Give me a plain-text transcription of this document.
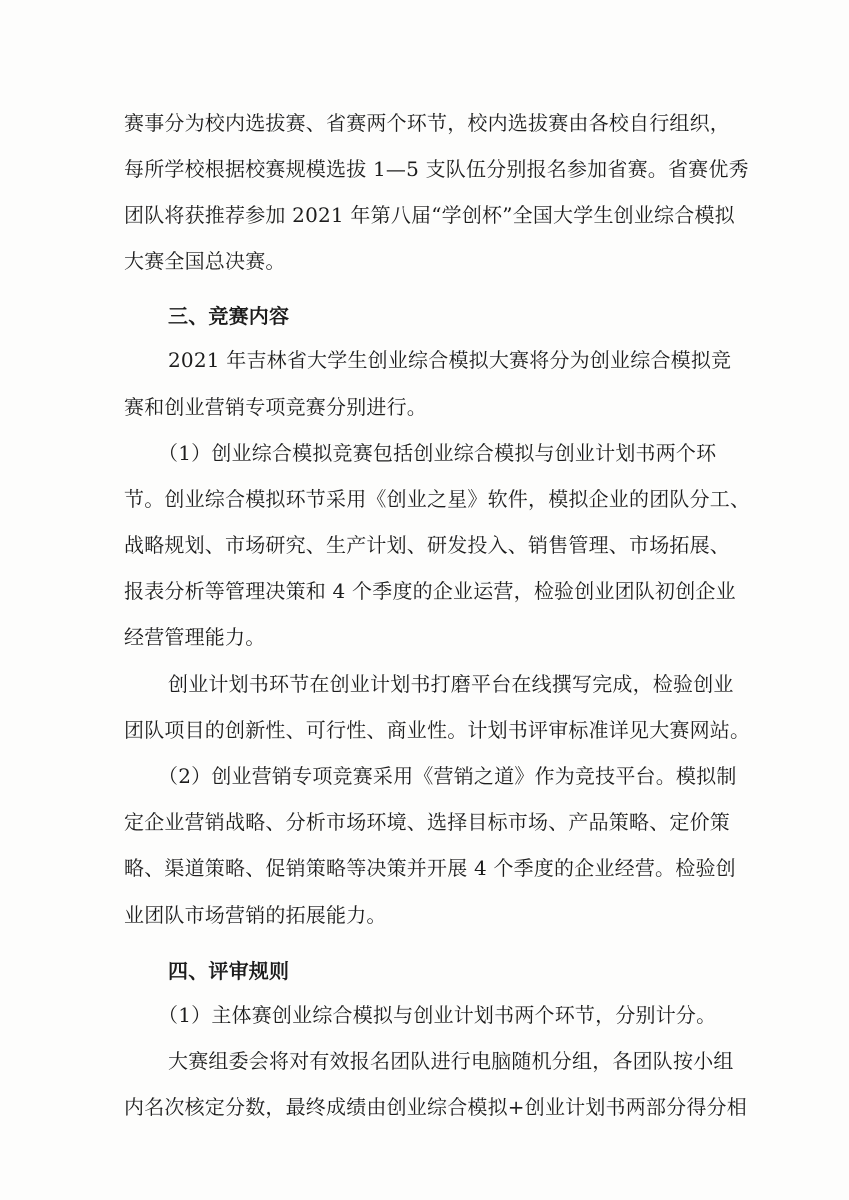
赛事分为校内选拔赛、省赛两个环节，校内选拔赛由各校自行组织，
每所学校根据校赛规模选拔 1—5 支队伍分别报名参加省赛。省赛优秀
团队将获推荐参加 2021 年第八届“学创杯”全国大学生创业综合模拟
大赛全国总决赛。
三、竞赛内容
2021 年吉林省大学生创业综合模拟大赛将分为创业综合模拟竞
赛和创业营销专项竞赛分别进行。
（1）创业综合模拟竞赛包括创业综合模拟与创业计划书两个环
节。创业综合模拟环节采用《创业之星》软件，模拟企业的团队分工、
战略规划、市场研究、生产计划、研发投入、销售管理、市场拓展、
报表分析等管理决策和 4 个季度的企业运营，检验创业团队初创企业
经营管理能力。
创业计划书环节在创业计划书打磨平台在线撰写完成，检验创业
团队项目的创新性、可行性、商业性。计划书评审标准详见大赛网站。
（2）创业营销专项竞赛采用《营销之道》作为竞技平台。模拟制
定企业营销战略、分析市场环境、选择目标市场、产品策略、定价策
略、渠道策略、促销策略等决策并开展 4 个季度的企业经营。检验创
业团队市场营销的拓展能力。
四、评审规则
（1）主体赛创业综合模拟与创业计划书两个环节，分别计分。
大赛组委会将对有效报名团队进行电脑随机分组，各团队按小组
内名次核定分数，最终成绩由创业综合模拟+创业计划书两部分得分相
